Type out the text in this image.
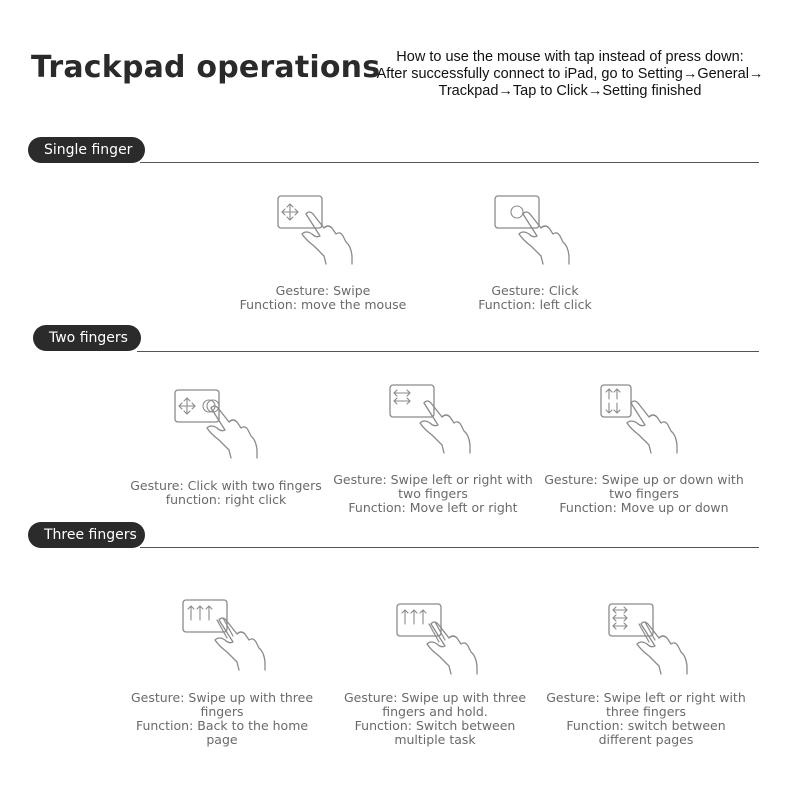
Trackpad operations	How to use the mouse with tap instead of press down:
After successfully connect to iPad, go to Setting→General→
Trackpad→Tap to Click→Setting finished
Single finger
Gesture: Swipe
Function: move the mouse
Gesture: Click
Function: left click
Two fingers
Gesture: Click with two fingers
function: right click
Gesture: Swipe left or right with
two fingers
Function: Move left or right
Gesture: Swipe up or down with
two fingers
Function: Move up or down
Three fingers
Gesture: Swipe up with three
fingers
Function: Back to the home
page
Gesture: Swipe up with three
fingers and hold.
Function: Switch between
multiple task
Gesture: Swipe left or right with
three fingers
Function: switch between
different pages
